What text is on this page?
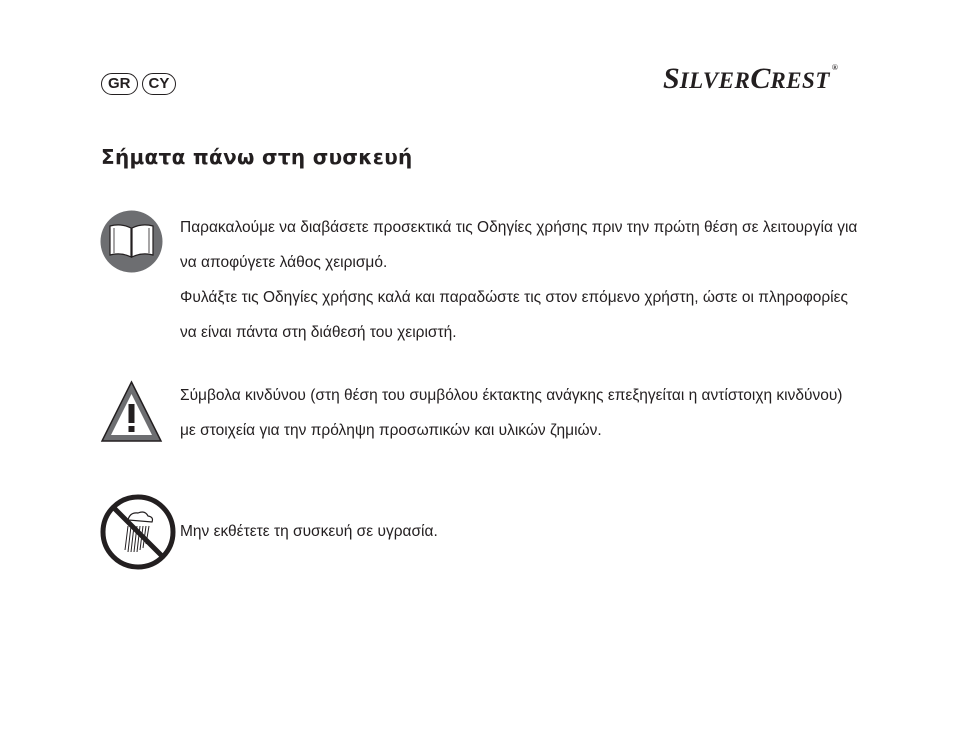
GR	CY	SILVERCREST®
Σήματα πάνω στη συσκευή

Παρακαλούμε να διαβάσετε προσεκτικά τις Οδηγίες χρήσης πριν την πρώτη θέση σε λειτουργία για να αποφύγετε λάθος χειρισμό.

Φυλάξτε τις Οδηγίες χρήσης καλά και παραδώστε τις στον επόμενο χρήστη, ώστε οι πληροφορίες να είναι πάντα στη διάθεσή του χειριστή.

Σύμβολα κινδύνου (στη θέση του συμβόλου έκτακτης ανάγκης επεξηγείται η αντίστοιχη κινδύνου) με στοιχεία για την πρόληψη προσωπικών και υλικών ζημιών.

Μην εκθέτετε τη συσκευή σε υγρασία.
